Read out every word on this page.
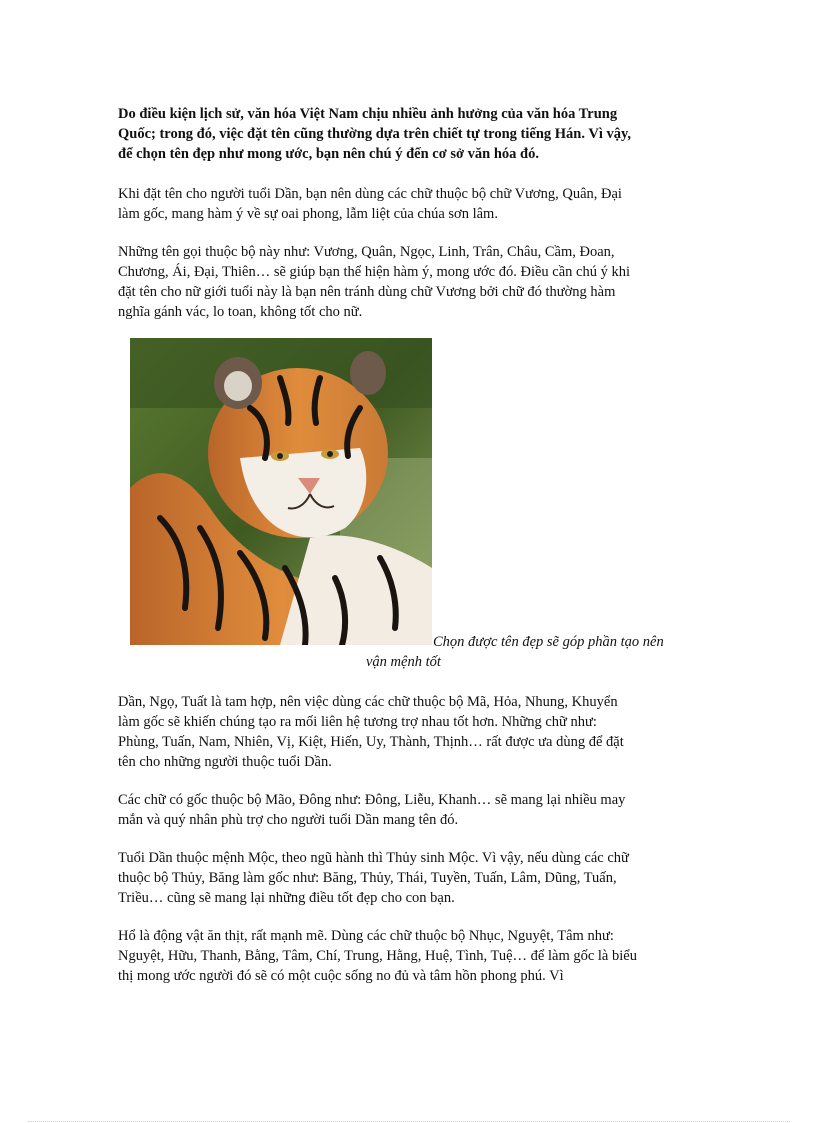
Do điều kiện lịch sử, văn hóa Việt Nam chịu nhiều ảnh hưởng của văn hóa Trung
Quốc; trong đó, việc đặt tên cũng thường dựa trên chiết tự trong tiếng Hán. Vì vậy,
để chọn tên đẹp như mong ước, bạn nên chú ý đến cơ sở văn hóa đó.

Khi đặt tên cho người tuổi Dần, bạn nên dùng các chữ thuộc bộ chữ Vương, Quân, Đại
làm gốc, mang hàm ý về sự oai phong, lẫm liệt của chúa sơn lâm.

Những tên gọi thuộc bộ này như: Vương, Quân, Ngọc, Linh, Trân, Châu, Cầm, Đoan,
Chương, Ái, Đại, Thiên… sẽ giúp bạn thể hiện hàm ý, mong ước đó. Điều cần chú ý khi
đặt tên cho nữ giới tuổi này là bạn nên tránh dùng chữ Vương bởi chữ đó thường hàm
nghĩa gánh vác, lo toan, không tốt cho nữ.

Chọn được tên đẹp sẽ góp phần tạo nên
vận mệnh tốt

Dần, Ngọ, Tuất là tam hợp, nên việc dùng các chữ thuộc bộ Mã, Hỏa, Nhung, Khuyển
làm gốc sẽ khiến chúng tạo ra mối liên hệ tương trợ nhau tốt hơn. Những chữ như:
Phùng, Tuấn, Nam, Nhiên, Vị, Kiệt, Hiến, Uy, Thành, Thịnh… rất được ưa dùng để đặt
tên cho những người thuộc tuổi Dần.

Các chữ có gốc thuộc bộ Mão, Đông như: Đông, Liễu, Khanh… sẽ mang lại nhiều may
mắn và quý nhân phù trợ cho người tuổi Dần mang tên đó.

Tuổi Dần thuộc mệnh Mộc, theo ngũ hành thì Thủy sinh Mộc. Vì vậy, nếu dùng các chữ
thuộc bộ Thủy, Băng làm gốc như: Băng, Thủy, Thái, Tuyền, Tuấn, Lâm, Dũng, Tuấn,
Triều… cũng sẽ mang lại những điều tốt đẹp cho con bạn.

Hổ là động vật ăn thịt, rất mạnh mẽ. Dùng các chữ thuộc bộ Nhục, Nguyệt, Tâm như:
Nguyệt, Hữu, Thanh, Bằng, Tâm, Chí, Trung, Hằng, Huệ, Tình, Tuệ… để làm gốc là biểu
thị mong ước người đó sẽ có một cuộc sống no đủ và tâm hồn phong phú. Vì
